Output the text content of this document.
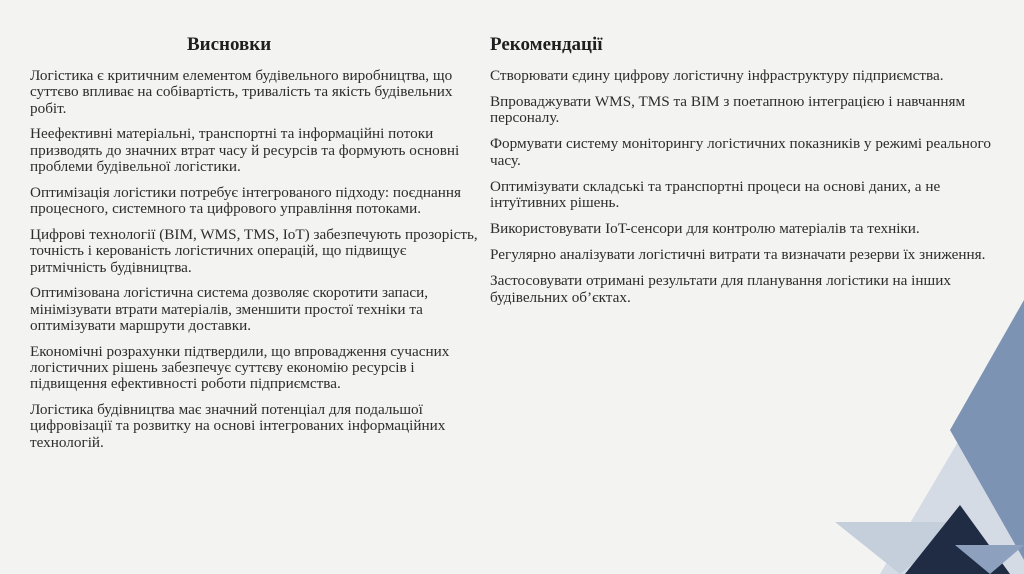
Висновки

Логістика є критичним елементом будівельного виробництва, що суттєво впливає на собівартість, тривалість та якість будівельних робіт.

Неефективні матеріальні, транспортні та інформаційні потоки призводять до значних втрат часу й ресурсів та формують основні проблеми будівельної логістики.

Оптимізація логістики потребує інтегрованого підходу: поєднання процесного, системного та цифрового управління потоками.

Цифрові технології (BIM, WMS, TMS, IoT) забезпечують прозорість, точність і керованість логістичних операцій, що підвищує ритмічність будівництва.

Оптимізована логістична система дозволяє скоротити запаси, мінімізувати втрати матеріалів, зменшити простої техніки та оптимізувати маршрути доставки.

Економічні розрахунки підтвердили, що впровадження сучасних логістичних рішень забезпечує суттєву економію ресурсів і підвищення ефективності роботи підприємства.

Логістика будівництва має значний потенціал для подальшої цифровізації та розвитку на основі інтегрованих інформаційних технологій.

Рекомендації

Створювати єдину цифрову логістичну інфраструктуру підприємства.

Впроваджувати WMS, TMS та BIM з поетапною інтеграцією і навчанням персоналу.

Формувати систему моніторингу логістичних показників у режимі реального часу.

Оптимізувати складські та транспортні процеси на основі даних, а не інтуїтивних рішень.

Використовувати IoT-сенсори для контролю матеріалів та техніки.

Регулярно аналізувати логістичні витрати та визначати резерви їх зниження.

Застосовувати отримані результати для планування логістики на інших будівельних об’єктах.
